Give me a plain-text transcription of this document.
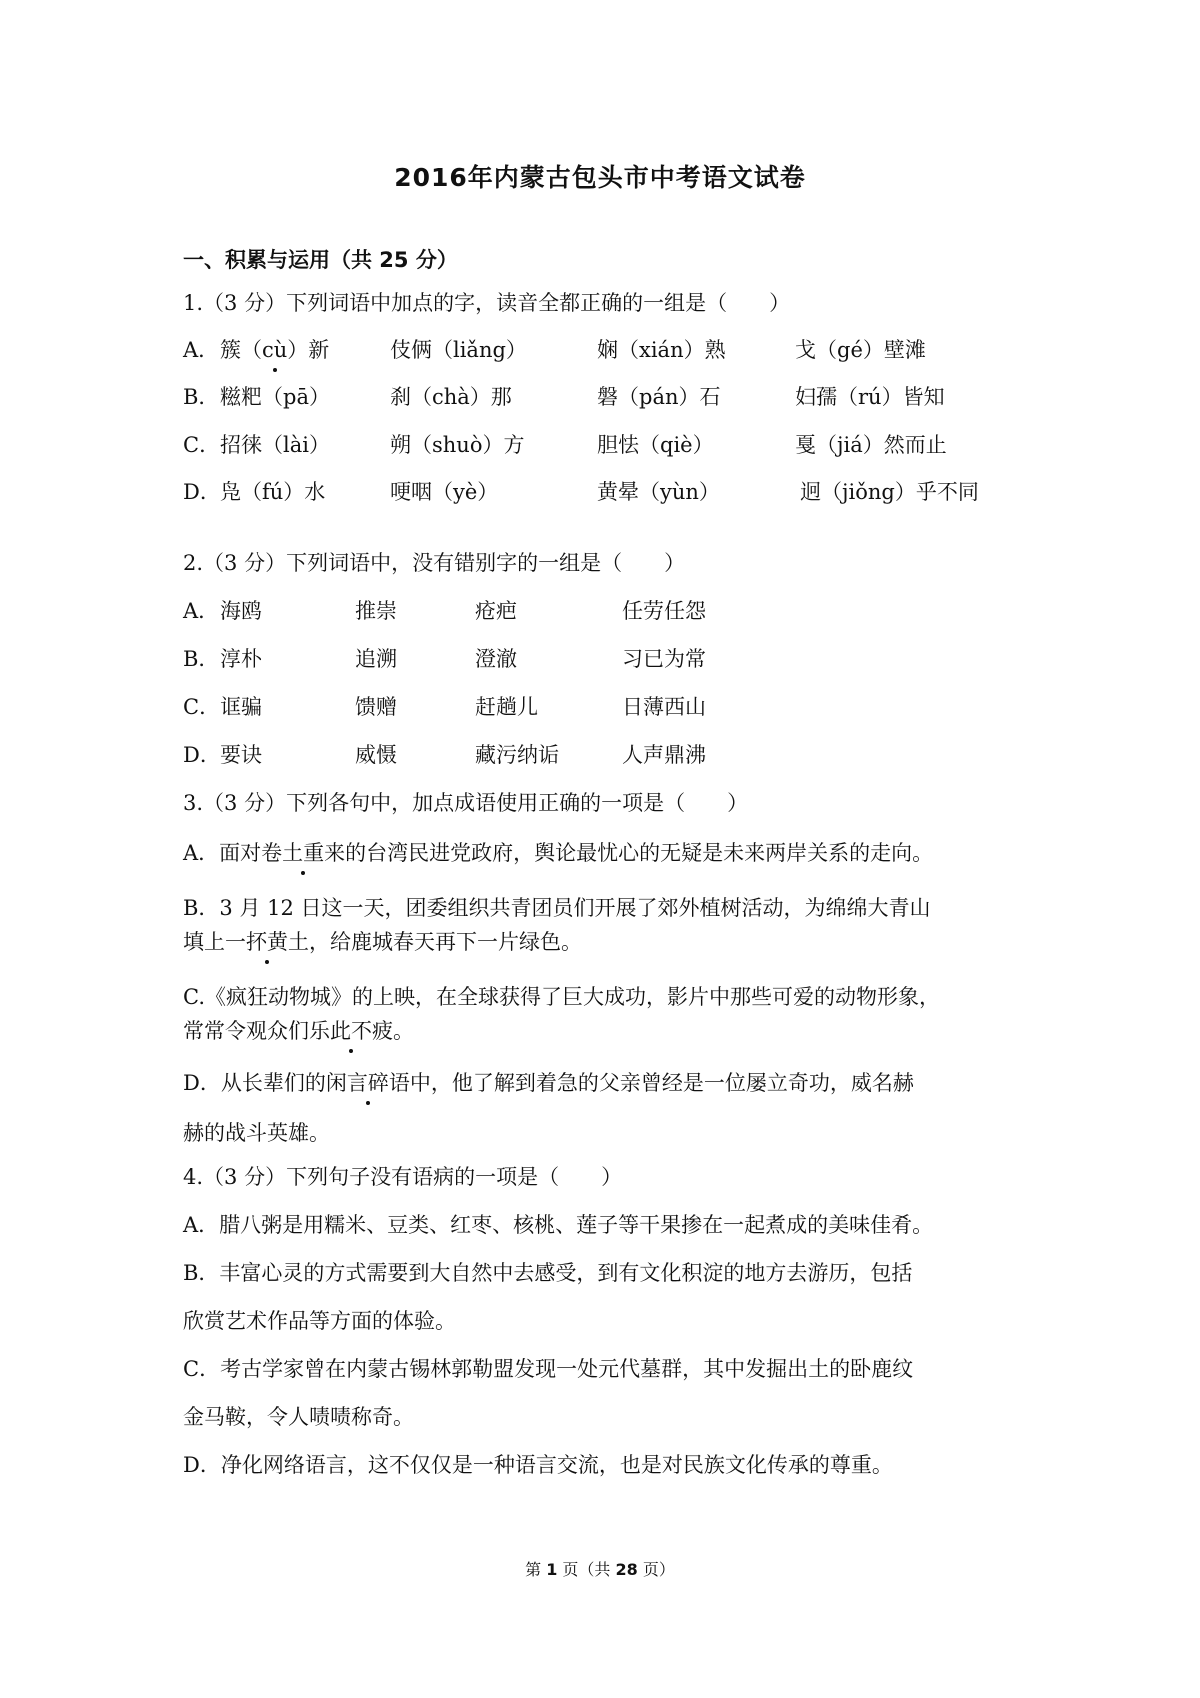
2016年内蒙古包头市中考语文试卷
一、积累与运用（共 25 分）
1.（3 分）下列词语中加点的字，读音全都正确的一组是（　　）
A． 簇（cù）新	伎俩（liǎng）	娴（xián）熟	戈（gé）壁滩
B． 糍粑（pā）	刹（chà）那	磐（pán）石	妇孺（rú）皆知
C． 招徕（lài）	朔（shuò）方	胆怯（qiè）	戛（jiá）然而止
D． 凫（fú）水	哽咽（yè）	黄晕（yùn）	迥（jiǒng）乎不同
2.（3 分）下列词语中，没有错别字的一组是（　　）
A． 海鸥	推崇	疮疤	任劳任怨
B． 淳朴	追溯	澄澈	习已为常
C． 诓骗	馈赠	赶趟儿	日薄西山
D． 要诀	威慑	藏污纳诟	人声鼎沸
3.（3 分）下列各句中，加点成语使用正确的一项是（　　）
A．面对卷土重来的台湾民进党政府，舆论最忧心的无疑是未来两岸关系的走向。
B．3 月 12 日这一天，团委组织共青团员们开展了郊外植树活动，为绵绵大青山
填上一抔黄土，给鹿城春天再下一片绿色。
C.《疯狂动物城》的上映，在全球获得了巨大成功，影片中那些可爱的动物形象，
常常令观众们乐此不疲。
D．从长辈们的闲言碎语中，他了解到着急的父亲曾经是一位屡立奇功，威名赫
赫的战斗英雄。
4.（3 分）下列句子没有语病的一项是（　　）
A．腊八粥是用糯米、豆类、红枣、核桃、莲子等干果掺在一起煮成的美味佳肴。
B．丰富心灵的方式需要到大自然中去感受，到有文化积淀的地方去游历，包括
欣赏艺术作品等方面的体验。
C．考古学家曾在内蒙古锡林郭勒盟发现一处元代墓群，其中发掘出土的卧鹿纹
金马鞍，令人啧啧称奇。
D．净化网络语言，这不仅仅是一种语言交流，也是对民族文化传承的尊重。
第 1 页（共 28 页）
